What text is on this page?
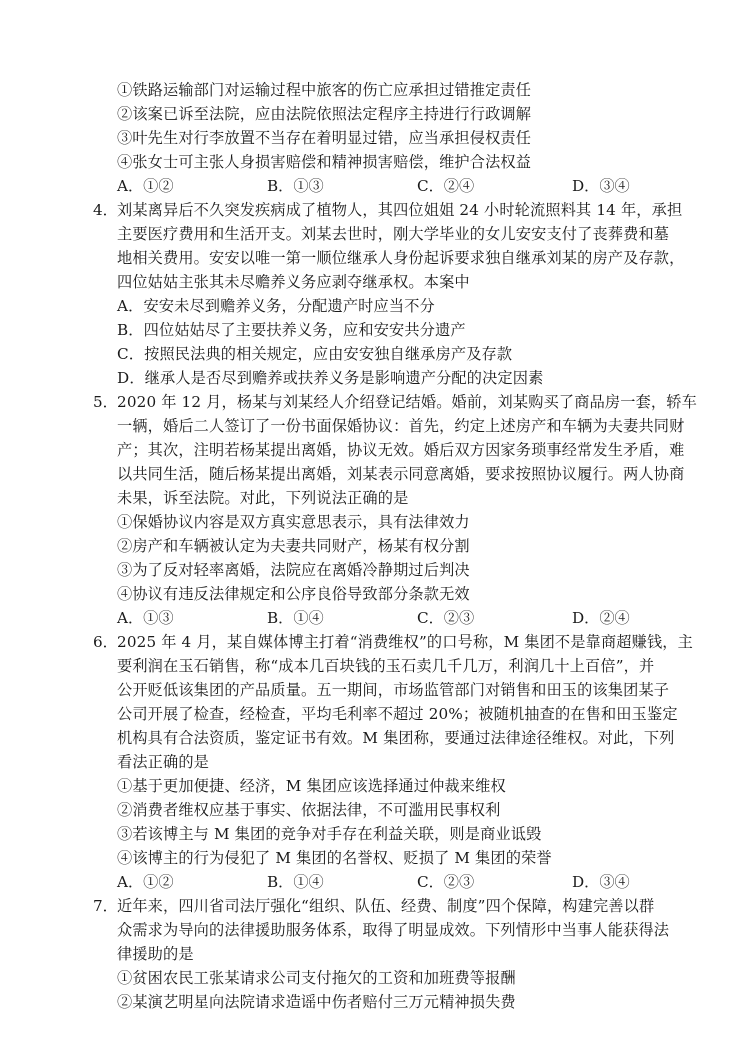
①铁路运输部门对运输过程中旅客的伤亡应承担过错推定责任
②该案已诉至法院，应由法院依照法定程序主持进行行政调解
③叶先生对行李放置不当存在着明显过错，应当承担侵权责任
④张女士可主张人身损害赔偿和精神损害赔偿，维护合法权益
A．①②	B．①③	C．②④	D．③④
4． 刘某离异后不久突发疾病成了植物人，其四位姐姐 24 小时轮流照料其 14 年，承担
主要医疗费用和生活开支。刘某去世时，刚大学毕业的女儿安安支付了丧葬费和墓
地相关费用。安安以唯一第一顺位继承人身份起诉要求独自继承刘某的房产及存款，
四位姑姑主张其未尽赡养义务应剥夺继承权。本案中
A．安安未尽到赡养义务，分配遗产时应当不分
B．四位姑姑尽了主要扶养义务，应和安安共分遗产
C．按照民法典的相关规定，应由安安独自继承房产及存款
D．继承人是否尽到赡养或扶养义务是影响遗产分配的决定因素
5． 2020 年 12 月，杨某与刘某经人介绍登记结婚。婚前，刘某购买了商品房一套，轿车
一辆，婚后二人签订了一份书面保婚协议：首先，约定上述房产和车辆为夫妻共同财
产；其次，注明若杨某提出离婚，协议无效。婚后双方因家务琐事经常发生矛盾，难
以共同生活，随后杨某提出离婚，刘某表示同意离婚，要求按照协议履行。两人协商
未果，诉至法院。对此，下列说法正确的是
①保婚协议内容是双方真实意思表示，具有法律效力
②房产和车辆被认定为夫妻共同财产，杨某有权分割
③为了反对轻率离婚，法院应在离婚冷静期过后判决
④协议有违反法律规定和公序良俗导致部分条款无效
A．①③	B．①④	C．②③	D．②④
6． 2025 年 4 月，某自媒体博主打着“消费维权”的口号称，M 集团不是靠商超赚钱，主
要利润在玉石销售，称“成本几百块钱的玉石卖几千几万，利润几十上百倍”，并
公开贬低该集团的产品质量。五一期间，市场监管部门对销售和田玉的该集团某子
公司开展了检查，经检查，平均毛利率不超过 20%；被随机抽查的在售和田玉鉴定
机构具有合法资质，鉴定证书有效。M 集团称，要通过法律途径维权。对此，下列
看法正确的是
①基于更加便捷、经济，M 集团应该选择通过仲裁来维权
②消费者维权应基于事实、依据法律，不可滥用民事权利
③若该博主与 M 集团的竞争对手存在利益关联，则是商业诋毁
④该博主的行为侵犯了 M 集团的名誉权、贬损了 M 集团的荣誉
A．①②	B．①④	C．②③	D．③④
7． 近年来，四川省司法厅强化“组织、队伍、经费、制度”四个保障，构建完善以群
众需求为导向的法律援助服务体系，取得了明显成效。下列情形中当事人能获得法
律援助的是
①贫困农民工张某请求公司支付拖欠的工资和加班费等报酬
②某演艺明星向法院请求造谣中伤者赔付三万元精神损失费
